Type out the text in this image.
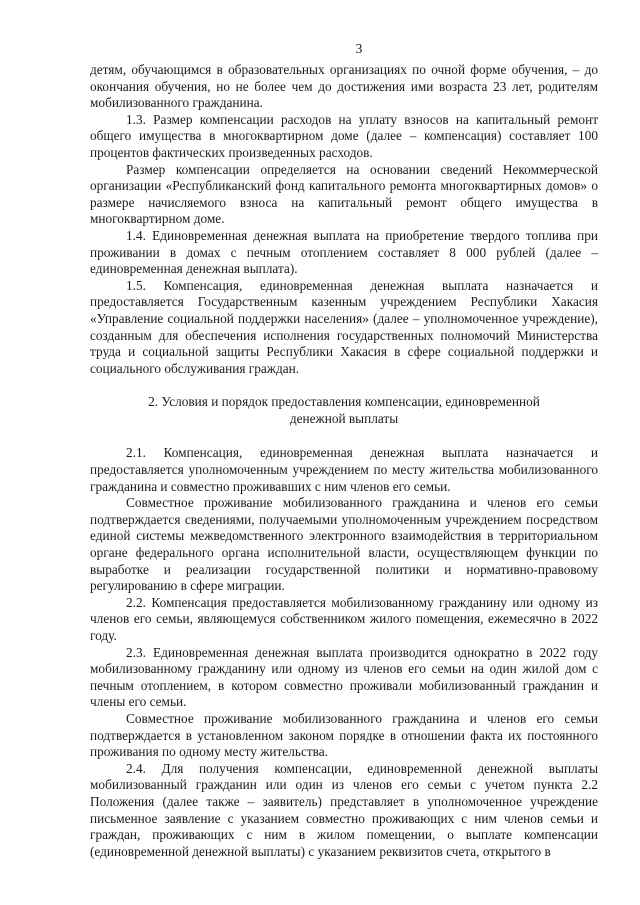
3

детям, обучающимся в образовательных организациях по очной форме обучения, – до окончания обучения, но не более чем до достижения ими возраста 23 лет, родителям мобилизованного гражданина.

1.3. Размер компенсации расходов на уплату взносов на капитальный ремонт общего имущества в многоквартирном доме (далее – компенсация) составляет 100 процентов фактических произведенных расходов.

Размер компенсации определяется на основании сведений Некоммерческой организации «Республиканский фонд капитального ремонта многоквартирных домов» о размере начисляемого взноса на капитальный ремонт общего имущества в многоквартирном доме.

1.4. Единовременная денежная выплата на приобретение твердого топлива при проживании в домах с печным отоплением составляет 8 000 рублей (далее – единовременная денежная выплата).

1.5. Компенсация, единовременная денежная выплата назначается и предоставляется Государственным казенным учреждением Республики Хакасия «Управление социальной поддержки населения» (далее – уполномоченное учреждение), созданным для обеспечения исполнения государственных полномочий Министерства труда и социальной защиты Республики Хакасия в сфере социальной поддержки и социального обслуживания граждан.

2. Условия и порядок предоставления компенсации, единовременной денежной выплаты

2.1. Компенсация, единовременная денежная выплата назначается и предоставляется уполномоченным учреждением по месту жительства мобилизованного гражданина и совместно проживавших с ним членов его семьи.

Совместное проживание мобилизованного гражданина и членов его семьи подтверждается сведениями, получаемыми уполномоченным учреждением посредством единой системы межведомственного электронного взаимодействия в территориальном органе федерального органа исполнительной власти, осуществляющем функции по выработке и реализации государственной политики и нормативно-правовому регулированию в сфере миграции.

2.2. Компенсация предоставляется мобилизованному гражданину или одному из членов его семьи, являющемуся собственником жилого помещения, ежемесячно в 2022 году.

2.3. Единовременная денежная выплата производится однократно в 2022 году мобилизованному гражданину или одному из членов его семьи на один жилой дом с печным отоплением, в котором совместно проживали мобилизованный гражданин и члены его семьи.

Совместное проживание мобилизованного гражданина и членов его семьи подтверждается в установленном законом порядке в отношении факта их постоянного проживания по одному месту жительства.

2.4. Для получения компенсации, единовременной денежной выплаты мобилизованный гражданин или один из членов его семьи с учетом пункта 2.2 Положения (далее также – заявитель) представляет в уполномоченное учреждение письменное заявление с указанием совместно проживающих с ним членов семьи и граждан, проживающих с ним в жилом помещении, о выплате компенсации (единовременной денежной выплаты) с указанием реквизитов счета, открытого в
